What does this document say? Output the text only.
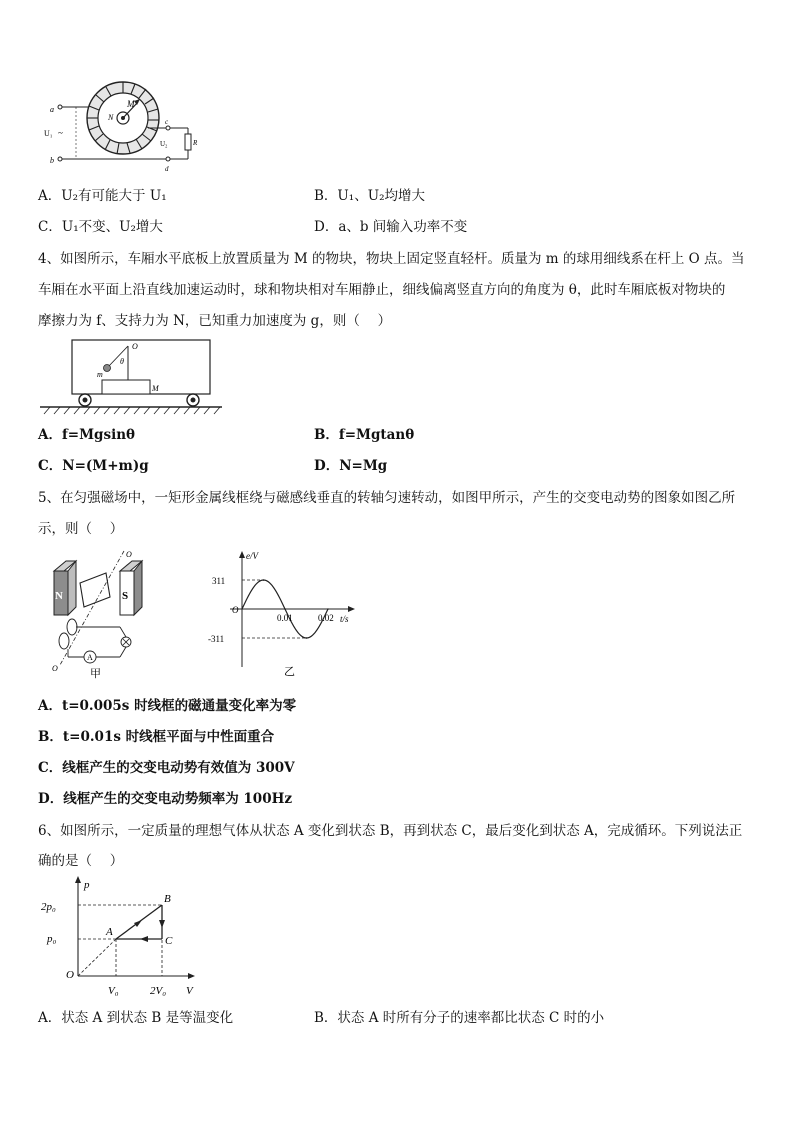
a
b
U₁ ~
N
M
c
U₂	R
d
A．U₂有可能大于 U₁	B．U₁、U₂均增大
C．U₁不变、U₂增大	D．a、b 间输入功率不变
4、如图所示，车厢水平底板上放置质量为 M 的物块，物块上固定竖直轻杆。质量为 m 的球用细线系在杆上 O 点。当
车厢在水平面上沿直线加速运动时，球和物块相对车厢静止，细线偏离竖直方向的角度为 θ，此时车厢底板对物块的
摩擦力为 f、支持力为 N，已知重力加速度为 g，则（　 ）
M
O
m
θ
A．f=Mgsinθ	B．f=Mgtanθ
C．N=(M+m)g	D．N=Mg
5、在匀强磁场中，一矩形金属线框绕与磁感线垂直的转轴匀速转动，如图甲所示，产生的交变电动势的图象如图乙所
示，则（　 ）
N	S
O
O
A
甲
e/V
t/s
O
311
-311
0.01	0.02
乙
A．t=0.005s 时线框的磁通量变化率为零
B．t=0.01s 时线框平面与中性面重合
C．线框产生的交变电动势有效值为 300V
D．线框产生的交变电动势频率为 100Hz
6、如图所示，一定质量的理想气体从状态 A 变化到状态 B，再到状态 C，最后变化到状态 A，完成循环。下列说法正
确的是（　 ）
p
V
O
2p₀
p₀
V₀	2V₀
A
B
C
A．状态 A 到状态 B 是等温变化	B．状态 A 时所有分子的速率都比状态 C 时的小
